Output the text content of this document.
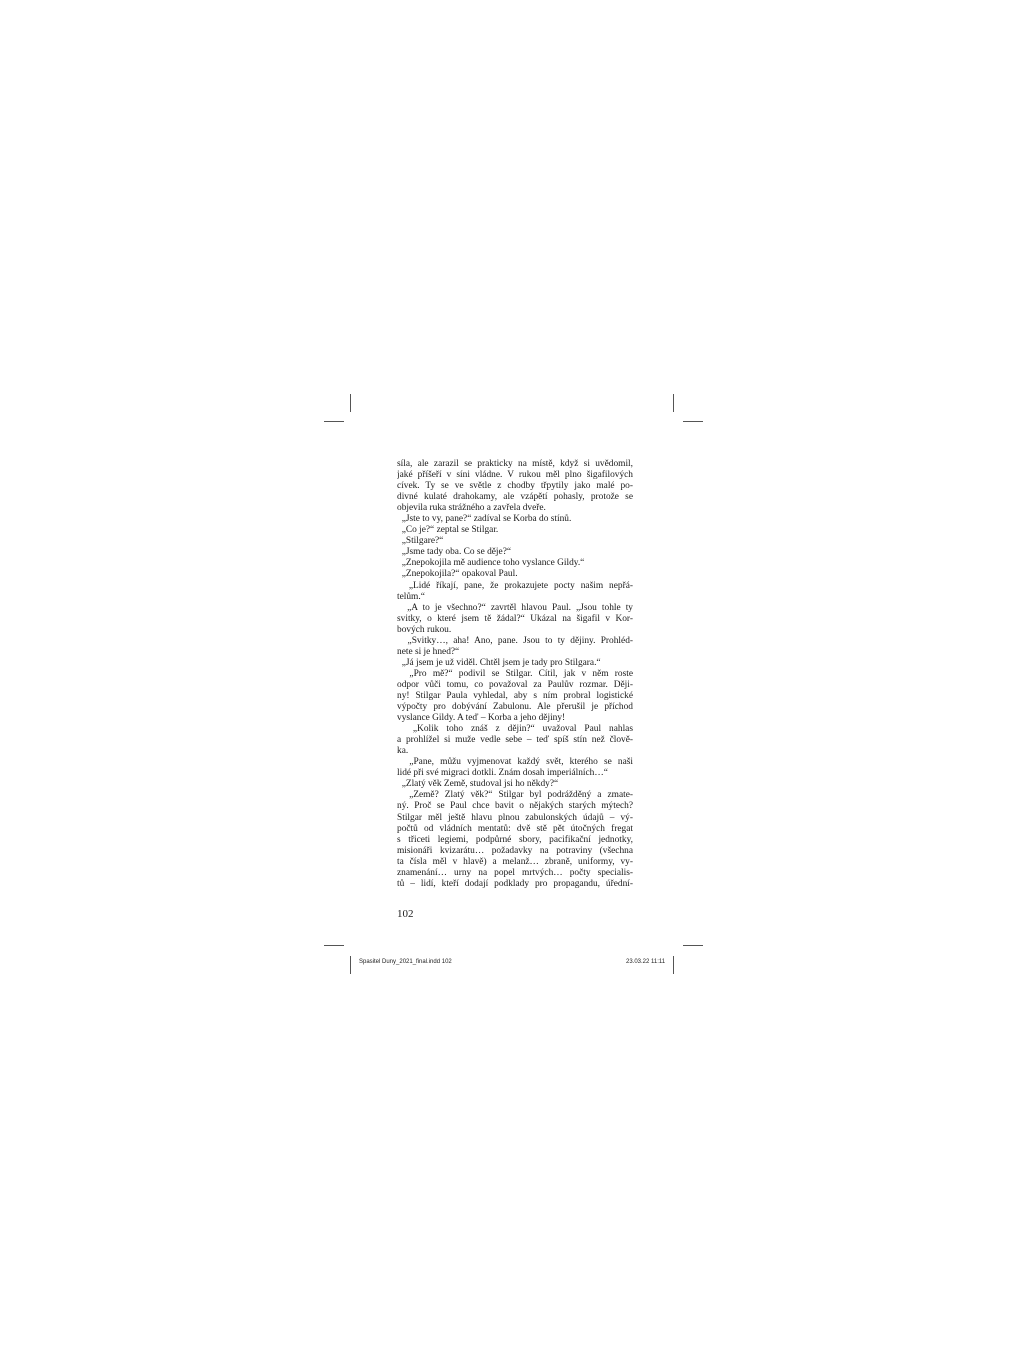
síla, ale zarazil se prakticky na místě, když si uvědomil,
jaké příšeří v síni vládne. V rukou měl plno šigafilových
cívek. Ty se ve světle z chodby třpytily jako malé po-
divné kulaté drahokamy, ale vzápětí pohasly, protože se
objevila ruka strážného a zavřela dveře.
„Jste to vy, pane?“ zadíval se Korba do stínů.
„Co je?“ zeptal se Stilgar.
„Stilgare?“
„Jsme tady oba. Co se děje?“
„Znepokojila mě audience toho vyslance Gildy.“
„Znepokojila?“ opakoval Paul.
„Lidé říkají, pane, že prokazujete pocty našim nepřá-
telům.“
„A to je všechno?“ zavrtěl hlavou Paul. „Jsou tohle ty
svitky, o které jsem tě žádal?“ Ukázal na šigafil v Kor-
bových rukou.
„Svitky…, aha! Ano, pane. Jsou to ty dějiny. Prohléd-
nete si je hned?“
„Já jsem je už viděl. Chtěl jsem je tady pro Stilgara.“
„Pro mě?“ podivil se Stilgar. Cítil, jak v něm roste
odpor vůči tomu, co považoval za Paulův rozmar. Ději-
ny! Stilgar Paula vyhledal, aby s ním probral logistické
výpočty pro dobývání Zabulonu. Ale přerušil je příchod
vyslance Gildy. A teď – Korba a jeho dějiny!
„Kolik toho znáš z dějin?“ uvažoval Paul nahlas
a prohlížel si muže vedle sebe – teď spíš stín než člově-
ka.
„Pane, můžu vyjmenovat každý svět, kterého se naši
lidé při své migraci dotkli. Znám dosah imperiálních…“
„Zlatý věk Země, studoval jsi ho někdy?“
„Země? Zlatý věk?“ Stilgar byl podrážděný a zmate-
ný. Proč se Paul chce bavit o nějakých starých mýtech?
Stilgar měl ještě hlavu plnou zabulonských údajů – vý-
počtů od vládních mentatů: dvě stě pět útočných fregat
s třiceti legiemi, podpůrné sbory, pacifikační jednotky,
misionáři kvizarátu… požadavky na potraviny (všechna
ta čísla měl v hlavě) a melanž… zbraně, uniformy, vy-
znamenání… urny na popel mrtvých… počty specialis-
tů – lidí, kteří dodají podklady pro propagandu, úřední-
102
Spasitel Duny_2021_final.indd 102	23.03.22 11:11
